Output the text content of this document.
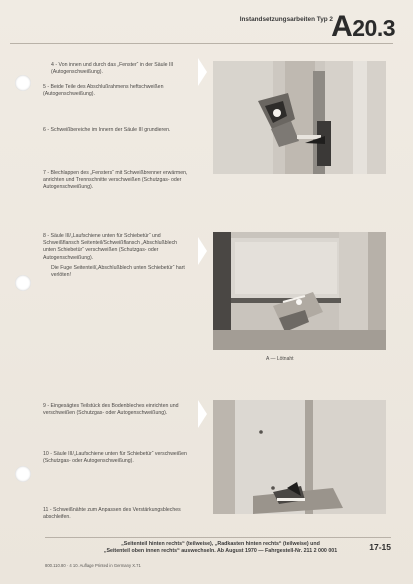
Instandsetzungsarbeiten Typ 2
A20.3

4 - Von innen und durch das „Fenster“ in der Säule III (Autogenschweißung).

5 - Beide Teile des Abschlußrahmens heftschweißen (Autogenschweißung).

6 - Schweißbereiche im Innern der Säule III grundieren.

7 - Blechlappen des „Fensters“ mit Schweißbrenner erwärmen, anrichten und Trennschnitte verschweißen (Schutzgas- oder Autogenschweißung).

8 - Säule III/„Laufschiene unten für Schiebetür“ und Schweißflansch Seitenteil/Schweißflansch „Abschlußblech unten Schiebetür“ verschweißen (Schutzgas- oder Autogenschweißung).

Die Fuge Seitenteil/„Abschlußblech unten Schiebetür“ hart verlöten!

9 - Eingesägtes Teilstück des Bodenbleches einrichten und verschweißen (Schutzgas- oder Autogenschweißung).

10 - Säule III/„Laufschiene unten für Schiebetür“ verschweißen (Schutzgas- oder Autogenschweißung).

11 - Schweißnähte zum Anpassen des Verstärkungsbleches abschleifen.

A — Lötnaht
„Seitenteil hinten rechts“ (teilweise), „Radkasten hinten rechts“ (teilweise) und
„Seitenteil oben innen rechts“ auswechseln. Ab August 1970 — Fahrgestell-Nr. 211 2 000 001	17-15
800.110.80 · 4 10. Auflage Printed in Germany X.71
